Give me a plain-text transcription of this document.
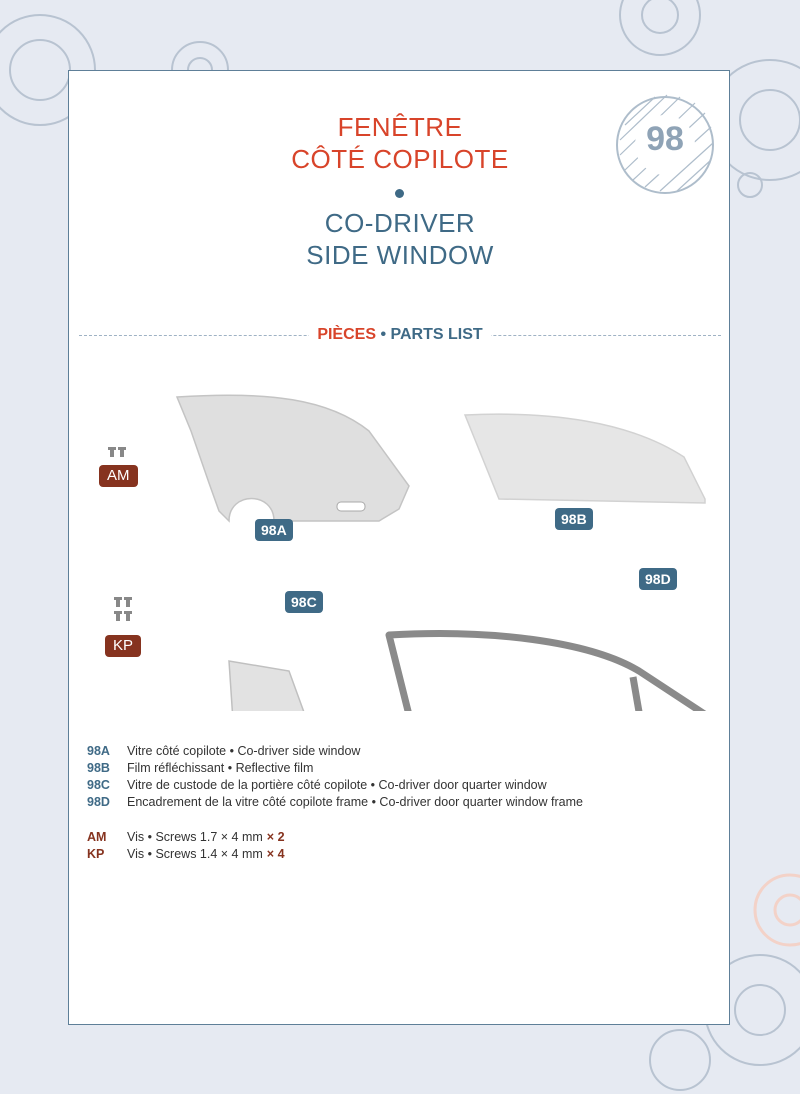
FENÊTRE
CÔTÉ COPILOTE
CO-DRIVER
SIDE WINDOW
PIÈCES • PARTS LIST
AM
98A
98B
98C
98D
KP
98A	Vitre côté copilote • Co-driver side window
98B	Film réfléchissant • Reflective film
98C	Vitre de custode de la portière côté copilote • Co-driver door quarter window
98D	Encadrement de la vitre côté copilote frame • Co-driver door quarter window frame
AM	Vis • Screws 1.7 × 4 mm × 2
KP	Vis • Screws 1.4 × 4 mm × 4
98
